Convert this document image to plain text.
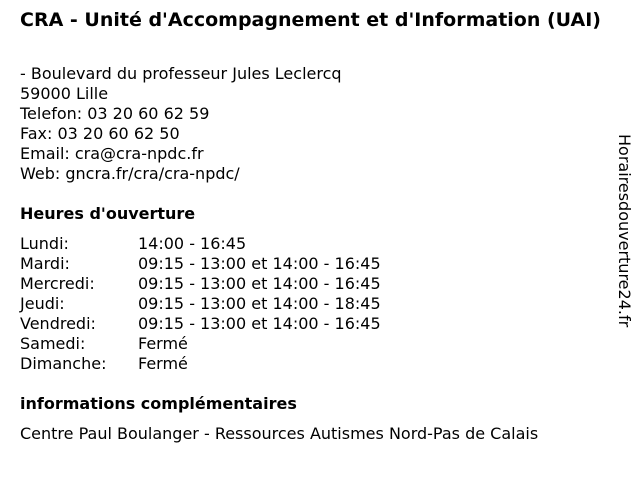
CRA - Unité d'Accompagnement et d'Information (UAI)
- Boulevard du professeur Jules Leclercq
59000 Lille
Telefon: 03 20 60 62 59
Fax: 03 20 60 62 50
Email: cra@cra-npdc.fr
Web: gncra.fr/cra/cra-npdc/
Heures d'ouverture
Lundi:	14:00 - 16:45
Mardi:	09:15 - 13:00 et 14:00 - 16:45
Mercredi:	09:15 - 13:00 et 14:00 - 16:45
Jeudi:	09:15 - 13:00 et 14:00 - 18:45
Vendredi:	09:15 - 13:00 et 14:00 - 16:45
Samedi:	Fermé
Dimanche:	Fermé
informations complémentaires
Centre Paul Boulanger - Ressources Autismes Nord-Pas de Calais
Horairesdouverture24.fr
